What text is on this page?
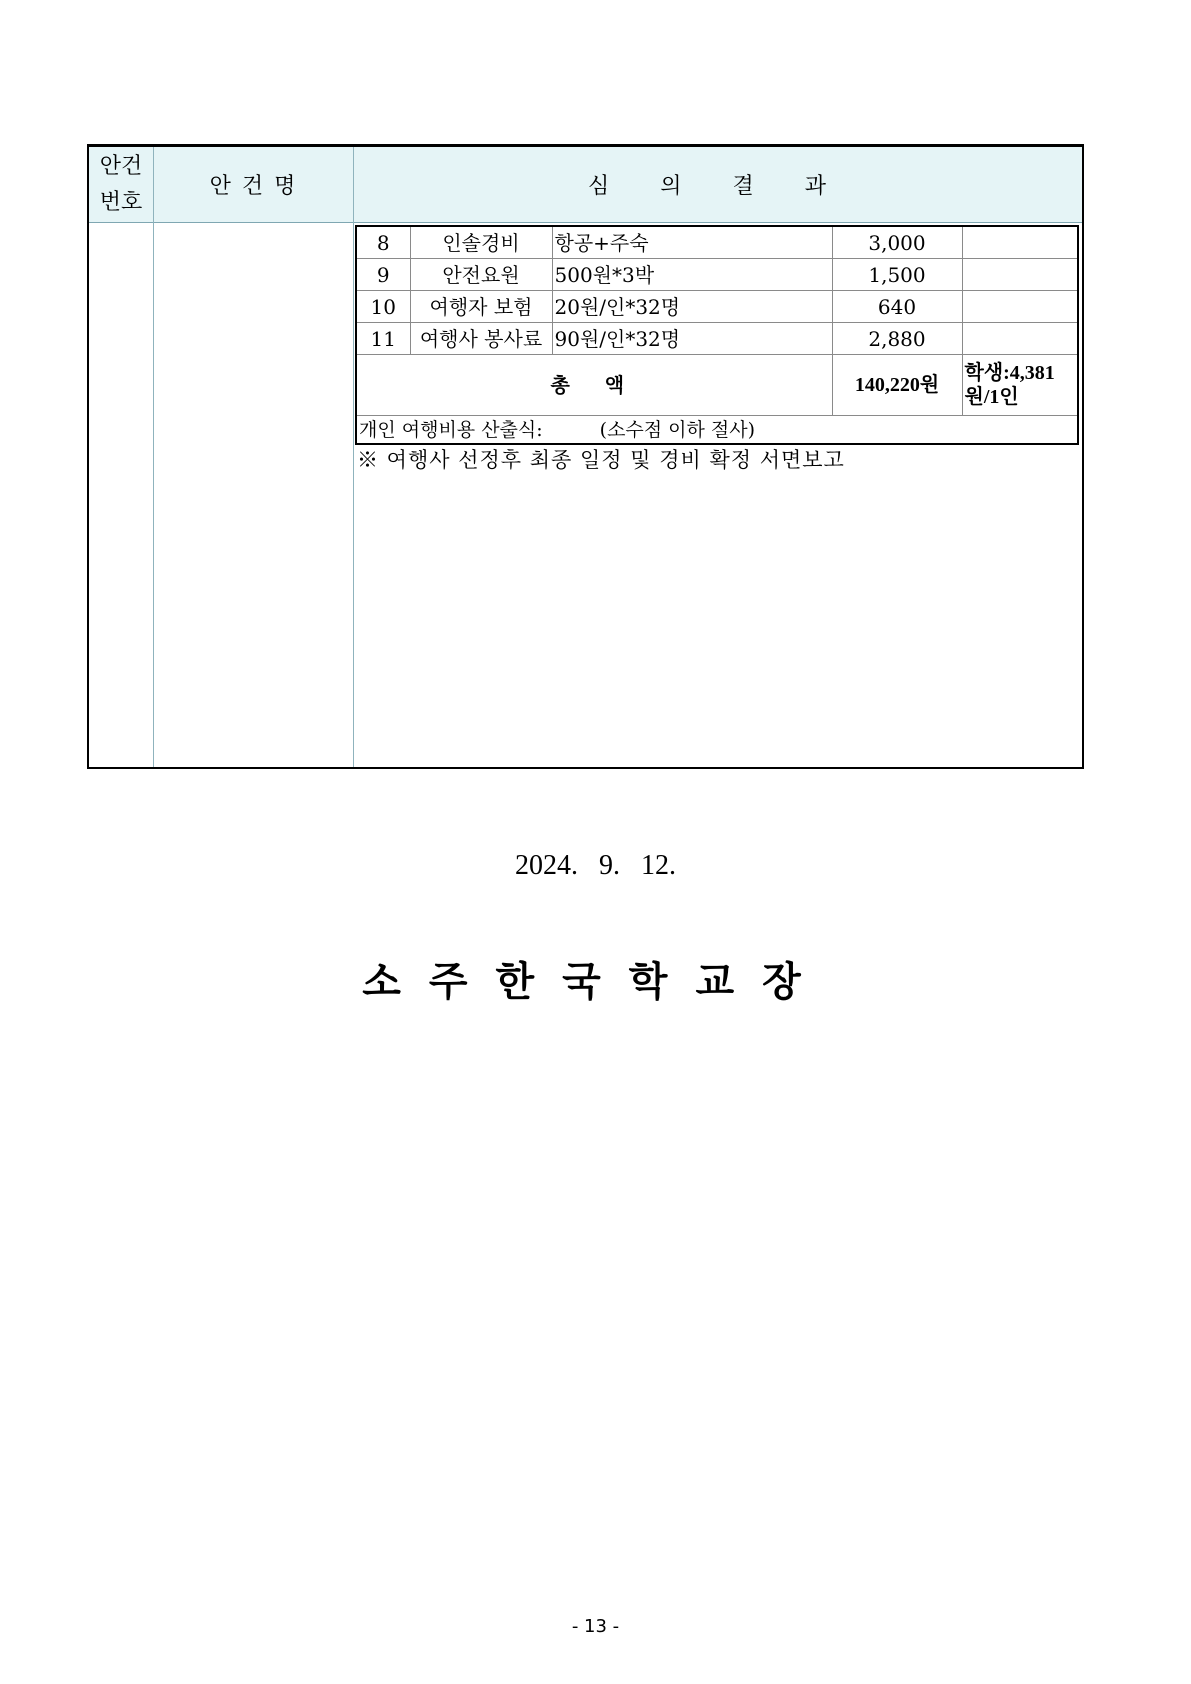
안건
번호
안 건 명	심 의 결 과
8	인솔경비	항공+주숙	3,000	
9	안전요원	500원*3박	1,500	
10	여행자 보험	20원/인*32명	640	
11	여행사 봉사료	90원/인*32명	2,880	
총 액			140,220원	학생:4,381원/1인
개인 여행비용 산출식:　　　(소수점 이하 절사)				
※ 여행사 선정후 최종 일정 및 경비 확정 서면보고
2024. 9. 12.
소주한국학교장
- 13 -
